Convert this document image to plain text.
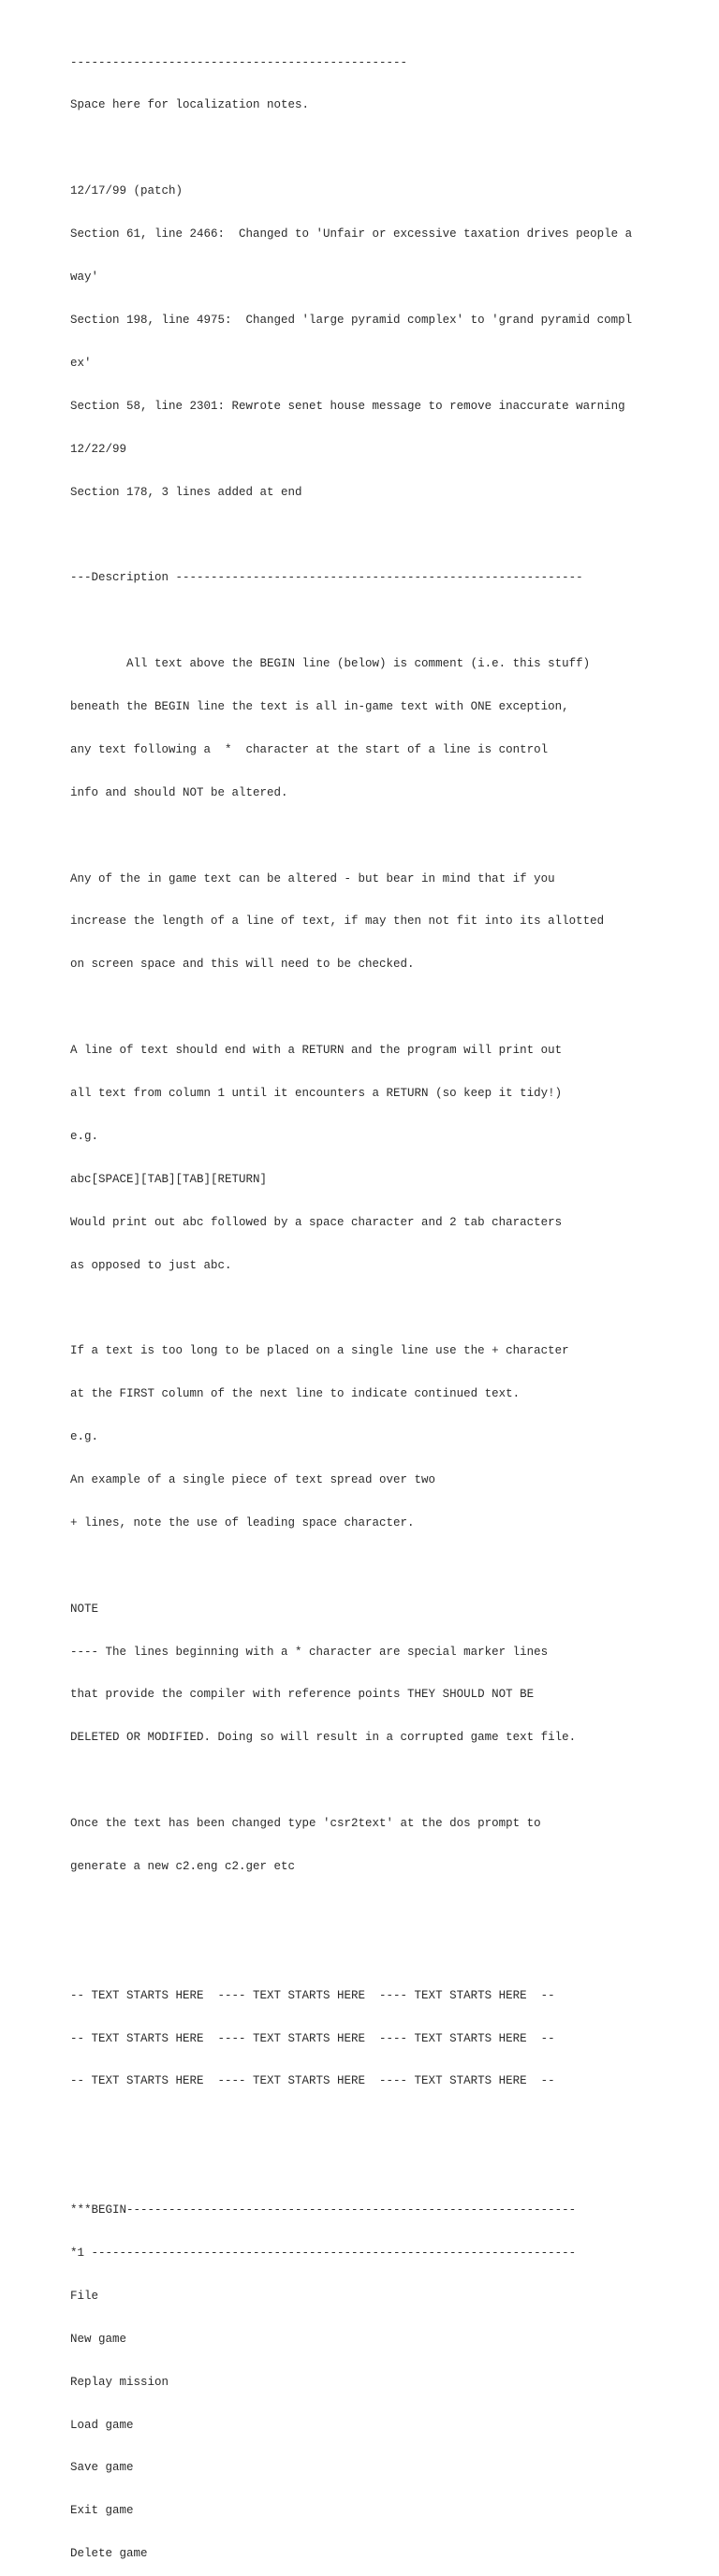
------------------------------------------------

Space here for localization notes.

12/17/99 (patch)

Section 61, line 2466:  Changed to 'Unfair or excessive taxation drives people a

way'

Section 198, line 4975:  Changed 'large pyramid complex' to 'grand pyramid compl

ex'

Section 58, line 2301: Rewrote senet house message to remove inaccurate warning

12/22/99

Section 178, 3 lines added at end

---Description ----------------------------------------------------------

All text above the BEGIN line (below) is comment (i.e. this stuff)

beneath the BEGIN line the text is all in-game text with ONE exception,

any text following a  *  character at the start of a line is control

info and should NOT be altered.

Any of the in game text can be altered - but bear in mind that if you

increase the length of a line of text, if may then not fit into its allotted

on screen space and this will need to be checked.

A line of text should end with a RETURN and the program will print out

all text from column 1 until it encounters a RETURN (so keep it tidy!)

e.g.

abc[SPACE][TAB][TAB][RETURN]

Would print out abc followed by a space character and 2 tab characters

as opposed to just abc.

If a text is too long to be placed on a single line use the + character

at the FIRST column of the next line to indicate continued text.

e.g.

An example of a single piece of text spread over two

+ lines, note the use of leading space character.

NOTE

---- The lines beginning with a * character are special marker lines

that provide the compiler with reference points THEY SHOULD NOT BE

DELETED OR MODIFIED. Doing so will result in a corrupted game text file.

Once the text has been changed type 'csr2text' at the dos prompt to

generate a new c2.eng c2.ger etc

-- TEXT STARTS HERE  ---- TEXT STARTS HERE  ---- TEXT STARTS HERE  --

-- TEXT STARTS HERE  ---- TEXT STARTS HERE  ---- TEXT STARTS HERE  --

-- TEXT STARTS HERE  ---- TEXT STARTS HERE  ---- TEXT STARTS HERE  --

***BEGIN----------------------------------------------------------------

*1 ---------------------------------------------------------------------

File

New game

Replay mission

Load game

Save game

Exit game

Delete game
